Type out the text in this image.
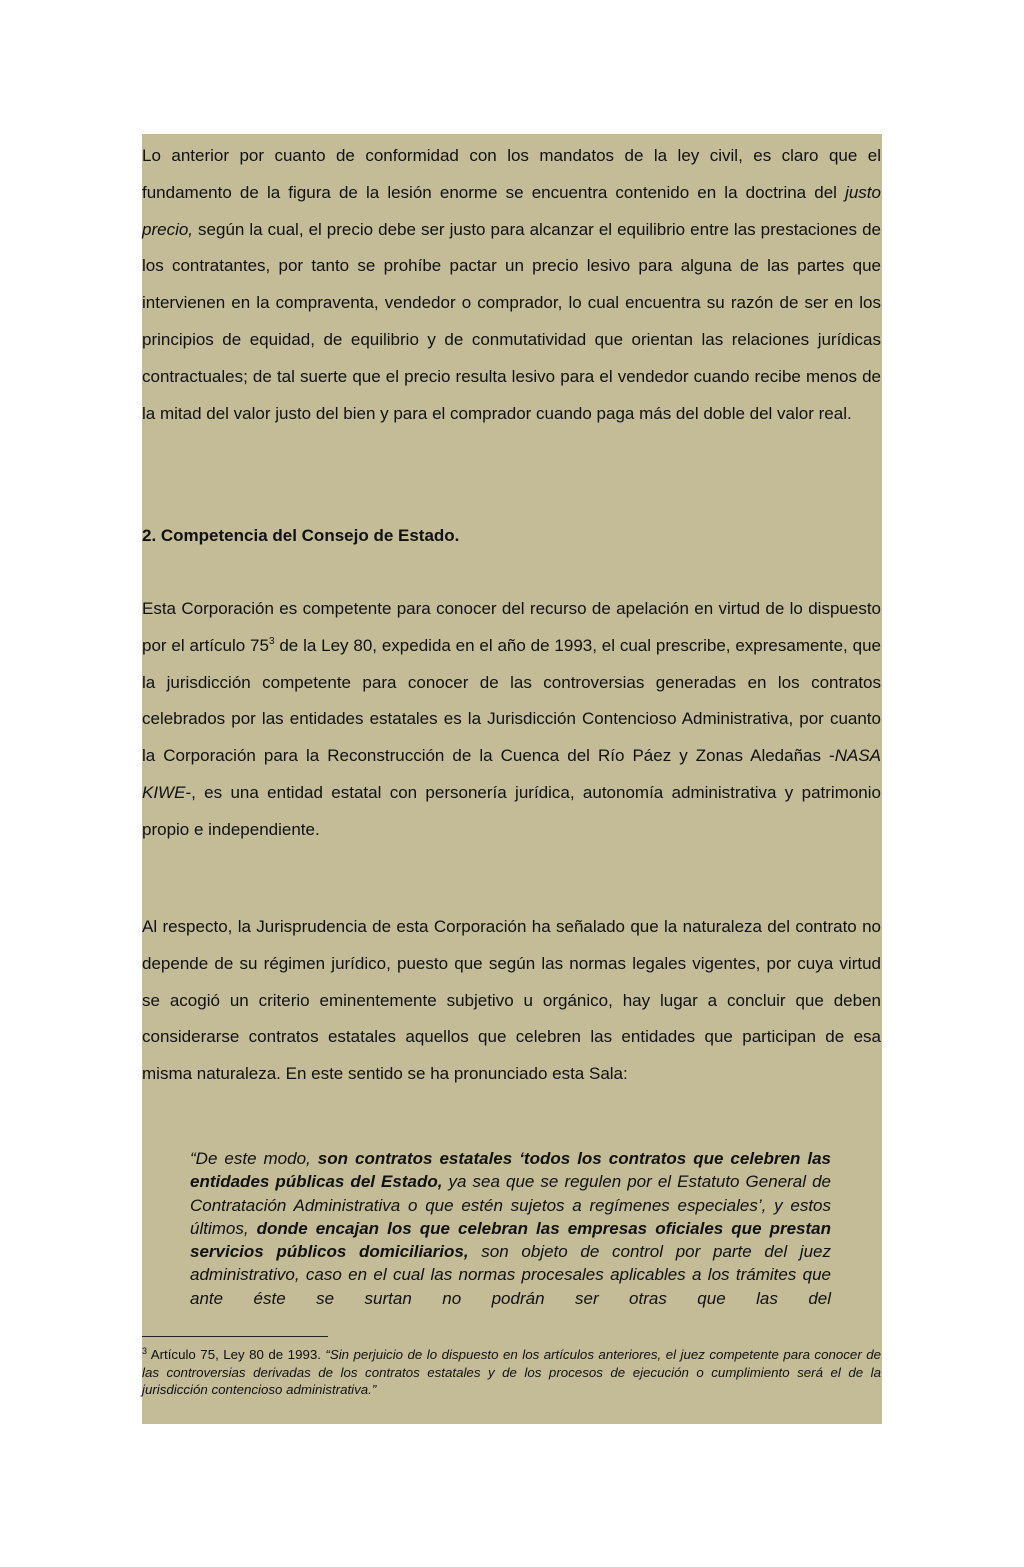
Lo anterior por cuanto de conformidad con los mandatos de la ley civil, es claro que el fundamento de la figura de la lesión enorme se encuentra contenido en la doctrina del justo precio, según la cual, el precio debe ser justo para alcanzar el equilibrio entre las prestaciones de los contratantes, por tanto se prohíbe pactar un precio lesivo para alguna de las partes que intervienen en la compraventa, vendedor o comprador, lo cual encuentra su razón de ser en los principios de equidad, de equilibrio y de conmutatividad que orientan las relaciones jurídicas contractuales; de tal suerte que el precio resulta lesivo para el vendedor cuando recibe menos de la mitad del valor justo del bien y para el comprador cuando paga más del doble del valor real.

2. Competencia del Consejo de Estado.

Esta Corporación es competente para conocer del recurso de apelación en virtud de lo dispuesto por el artículo $75^3$ de la Ley 80, expedida en el año de 1993, el cual prescribe, expresamente, que la jurisdicción competente para conocer de las controversias generadas en los contratos celebrados por las entidades estatales es la Jurisdicción Contencioso Administrativa, por cuanto la Corporación para la Reconstrucción de la Cuenca del Río Páez y Zonas Aledañas -NASA KIWE-, es una entidad estatal con personería jurídica, autonomía administrativa y patrimonio propio e independiente.

Al respecto, la Jurisprudencia de esta Corporación ha señalado que la naturaleza del contrato no depende de su régimen jurídico, puesto que según las normas legales vigentes, por cuya virtud se acogió un criterio eminentemente subjetivo u orgánico, hay lugar a concluir que deben considerarse contratos estatales aquellos que celebren las entidades que participan de esa misma naturaleza. En este sentido se ha pronunciado esta Sala:

“De este modo, son contratos estatales ‘todos los contratos que celebren las entidades públicas del Estado, ya sea que se regulen por el Estatuto General de Contratación Administrativa o que estén sujetos a regímenes especiales’, y estos últimos, donde encajan los que celebran las empresas oficiales que prestan servicios públicos domiciliarios, son objeto de control por parte del juez administrativo, caso en el cual las normas procesales aplicables a los trámites que ante éste se surtan no podrán ser otras que las del

$^3$ Artículo 75, Ley 80 de 1993. “Sin perjuicio de lo dispuesto en los artículos anteriores, el juez competente para conocer de las controversias derivadas de los contratos estatales y de los procesos de ejecución o cumplimiento será el de la jurisdicción contencioso administrativa.”
